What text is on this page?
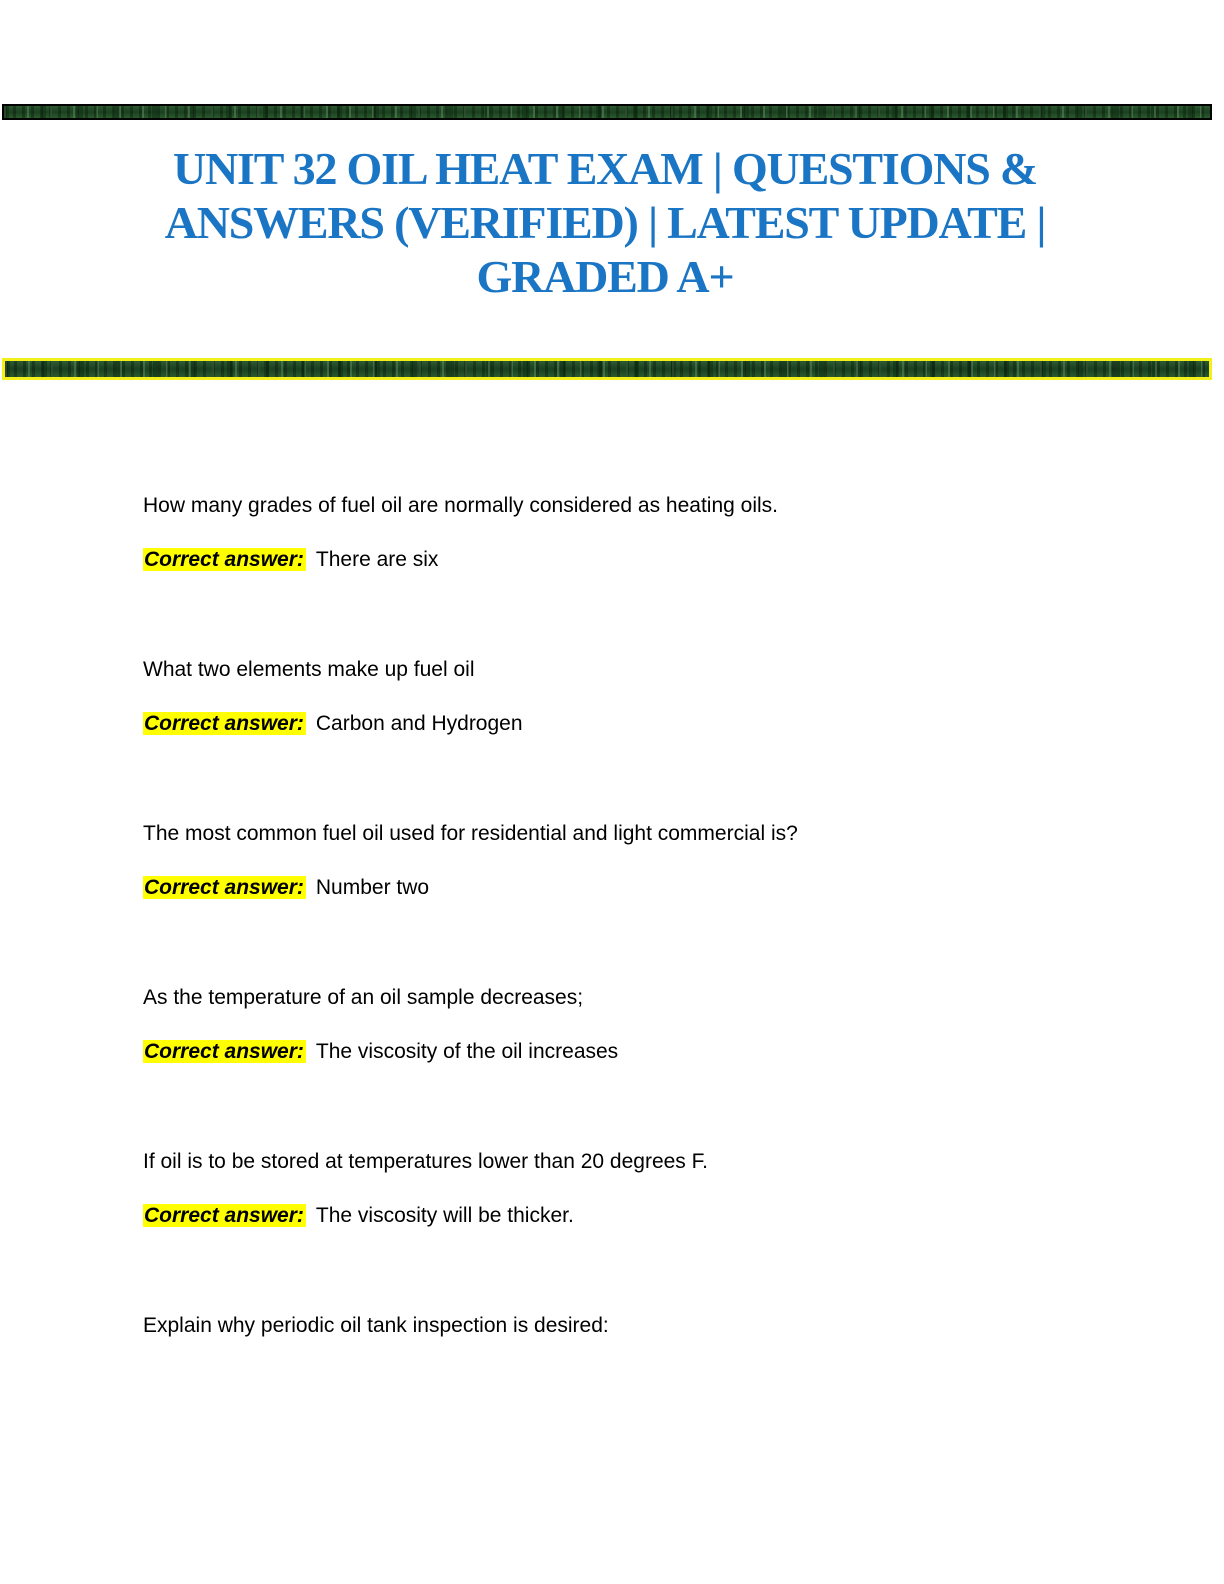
UNIT 32 OIL HEAT EXAM | QUESTIONS & ANSWERS (VERIFIED) | LATEST UPDATE | GRADED A+

How many grades of fuel oil are normally considered as heating oils.

Correct answer: There are six

What two elements make up fuel oil

Correct answer: Carbon and Hydrogen

The most common fuel oil used for residential and light commercial is?

Correct answer: Number two

As the temperature of an oil sample decreases;

Correct answer: The viscosity of the oil increases

If oil is to be stored at temperatures lower than 20 degrees F.

Correct answer: The viscosity will be thicker.

Explain why periodic oil tank inspection is desired:
